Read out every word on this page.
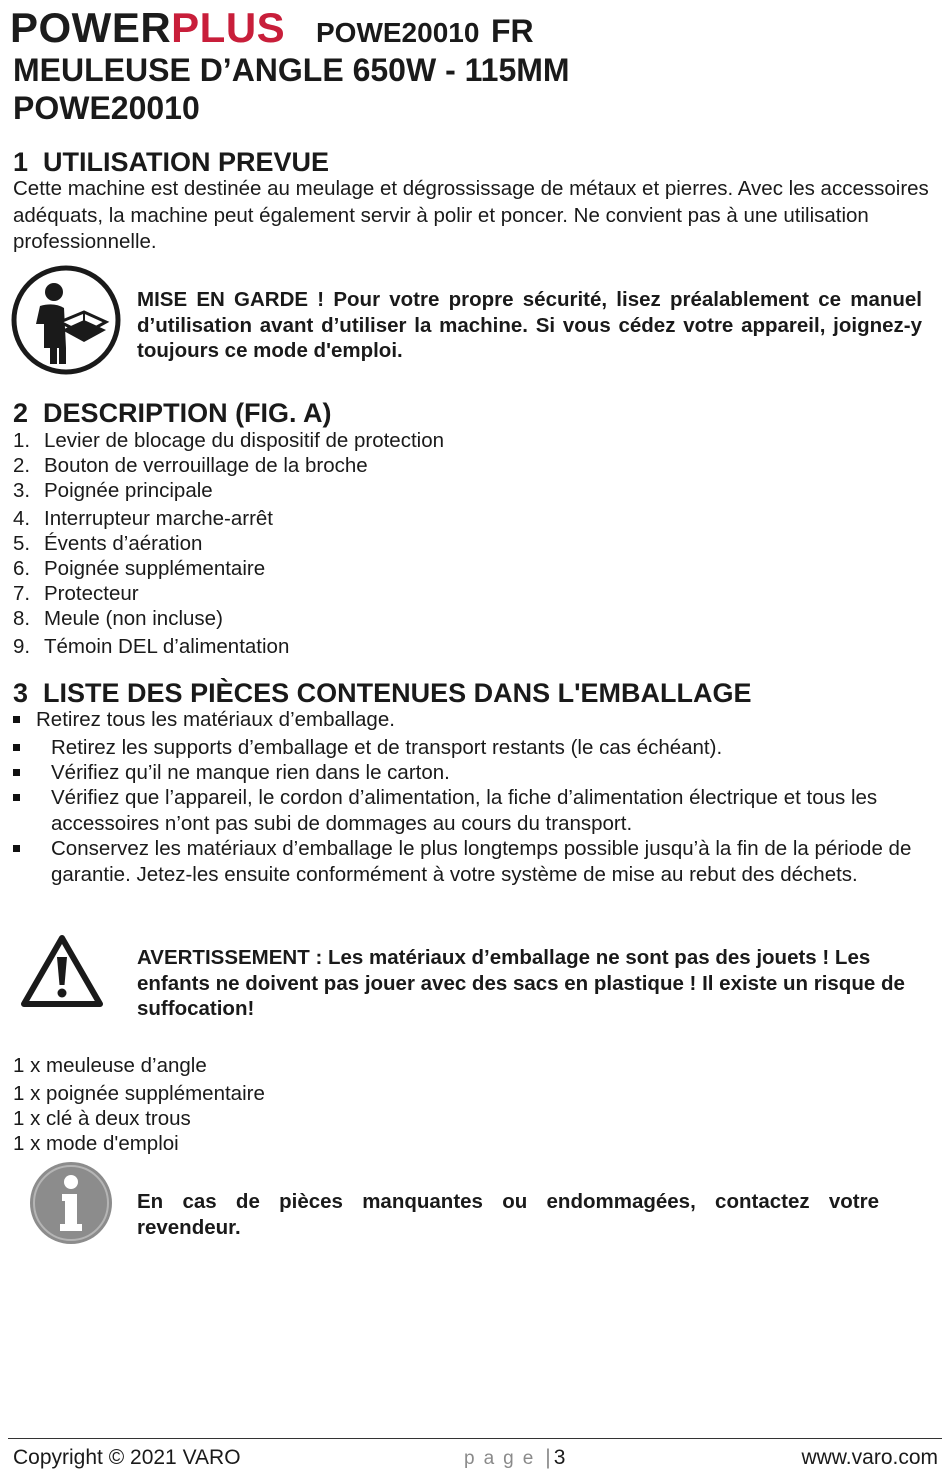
POWERPLUS POWE20010 FR
MEULEUSE D’ANGLE 650W - 115MM
POWE20010
1 UTILISATION PREVUE
Cette machine est destinée au meulage et dégrossissage de métaux et pierres. Avec les accessoires adéquats, la machine peut également servir à polir et poncer. Ne convient pas à une utilisation professionnelle.
MISE EN GARDE ! Pour votre propre sécurité, lisez préalablement ce manuel d’utilisation avant d’utiliser la machine. Si vous cédez votre appareil, joignez-y toujours ce mode d'emploi.
2 DESCRIPTION (FIG. A)
1. Levier de blocage du dispositif de protection
2. Bouton de verrouillage de la broche
3. Poignée principale
4. Interrupteur marche-arrêt
5. Évents d’aération
6. Poignée supplémentaire
7. Protecteur
8. Meule (non incluse)
9. Témoin DEL d’alimentation
3 LISTE DES PIÈCES CONTENUES DANS L'EMBALLAGE
Retirez tous les matériaux d’emballage.
Retirez les supports d’emballage et de transport restants (le cas échéant).
Vérifiez qu’il ne manque rien dans le carton.
Vérifiez que l’appareil, le cordon d’alimentation, la fiche d’alimentation électrique et tous les accessoires n’ont pas subi de dommages au cours du transport.
Conservez les matériaux d’emballage le plus longtemps possible jusqu’à la fin de la période de garantie. Jetez-les ensuite conformément à votre système de mise au rebut des déchets.
AVERTISSEMENT : Les matériaux d’emballage ne sont pas des jouets ! Les enfants ne doivent pas jouer avec des sacs en plastique ! Il existe un risque de suffocation!
1 x meuleuse d’angle
1 x poignée supplémentaire
1 x clé à deux trous
1 x mode d'emploi
En cas de pièces manquantes ou endommagées, contactez votre revendeur.
Copyright © 2021 VARO	page | 3	www.varo.com
